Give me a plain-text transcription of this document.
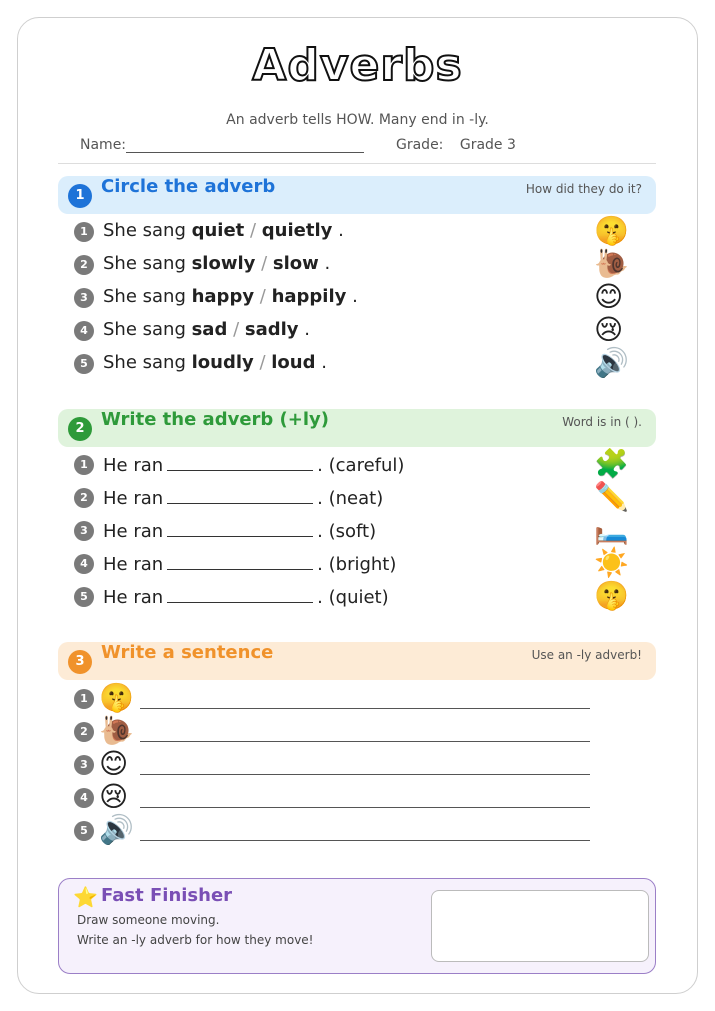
Adverbs
An adverb tells HOW. Many end in -ly.
Name:	Grade: Grade 3
1 Circle the adverb	How did they do it?
1 She sang quiet / quietly .	🤫
2 She sang slowly / slow .	🐌
3 She sang happy / happily .	😊
4 She sang sad / sadly .	😢
5 She sang loudly / loud .	🔊
2 Write the adverb (+ly)	Word is in ( ).
1 He ran	. (careful)	🧩
2 He ran	. (neat)	✏️
3 He ran	. (soft)	🛏️
4 He ran	. (bright)	☀️
5 He ran	. (quiet)	🤫
3 Write a sentence	Use an -ly adverb!
1 🤫
2 🐌
3 😊
4 😢
5 🔊
⭐ Fast Finisher
Draw someone moving.
Write an -ly adverb for how they move!
